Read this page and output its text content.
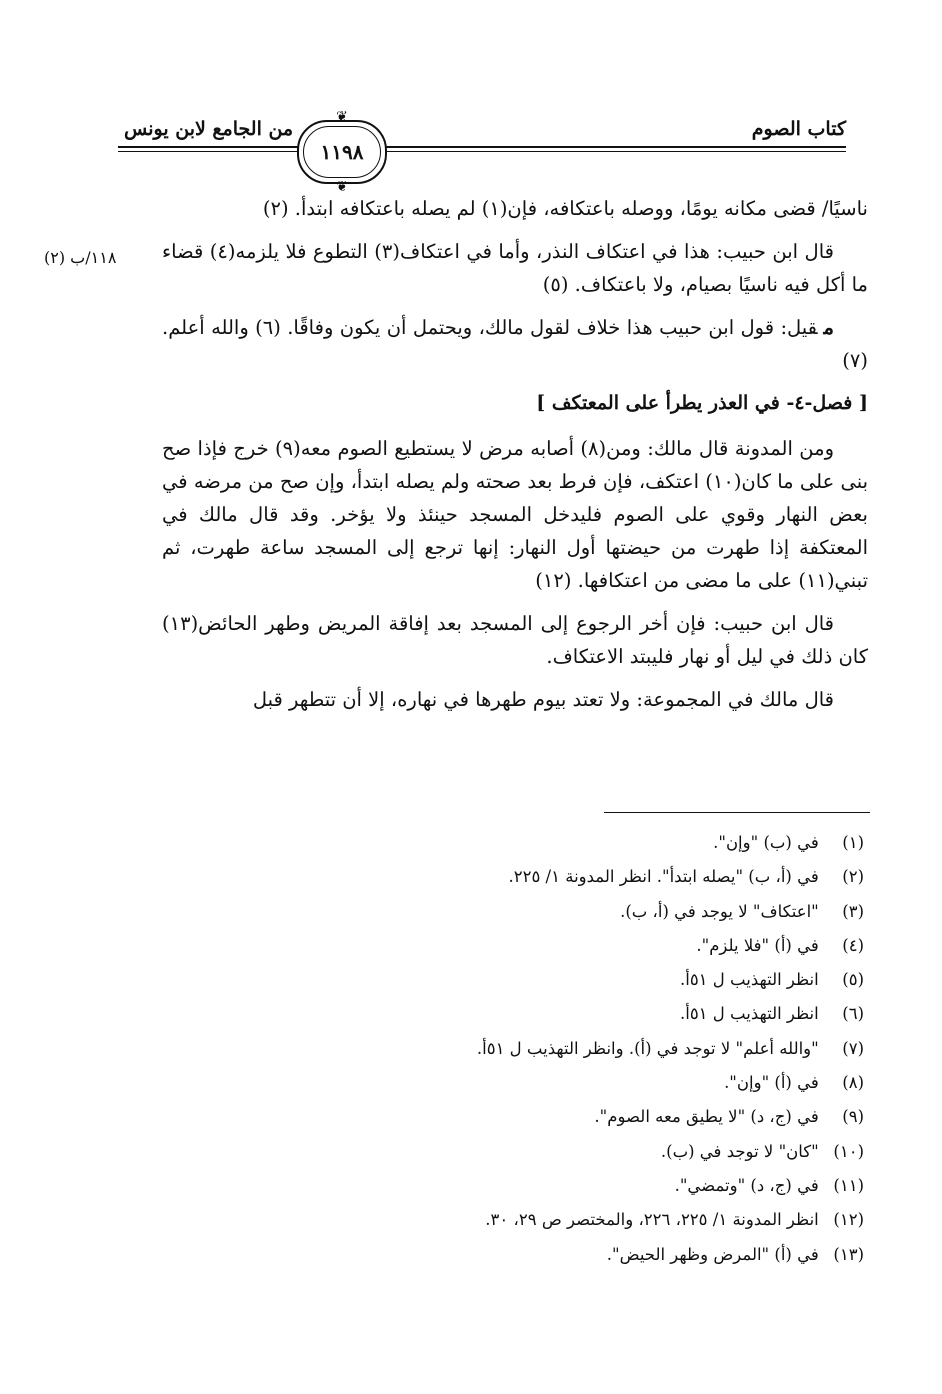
كتاب الصوم
من الجامع لابن يونس
❦
١١٩٨
❦
١١٨/ب (٢)

ناسيًا/ قضى مكانه يومًا، ووصله باعتكافه، فإن(١) لم يصله باعتكافه ابتدأ. (٢)

قال ابن حبيب: هذا في اعتكاف النذر، وأما في اعتكاف(٣) التطوع فلا يلزمه(٤) قضاء ما أكل فيه ناسيًا بصيام، ولا باعتكاف. (٥)

مقيل: قول ابن حبيب هذا خلاف لقول مالك، ويحتمل أن يكون وفاقًا. (٦) والله أعلم. (٧)

[ فصل-٤- في العذر يطرأ على المعتكف ]

ومن المدونة قال مالك: ومن(٨) أصابه مرض لا يستطيع الصوم معه(٩) خرج فإذا صح بنى على ما كان(١٠) اعتكف، فإن فرط بعد صحته ولم يصله ابتدأ، وإن صح من مرضه في بعض النهار وقوي على الصوم فليدخل المسجد حينئذ ولا يؤخر. وقد قال مالك في المعتكفة إذا طهرت من حيضتها أول النهار: إنها ترجع إلى المسجد ساعة طهرت، ثم تبني(١١) على ما مضى من اعتكافها. (١٢)

قال ابن حبيب: فإن أخر الرجوع إلى المسجد بعد إفاقة المريض وطهر الحائض(١٣) كان ذلك في ليل أو نهار فليبتد الاعتكاف.

قال مالك في المجموعة: ولا تعتد بيوم طهرها في نهاره، إلا أن تتطهر قبل

(١) في (ب) "وإن".
(٢) في (أ، ب) "يصله ابتدأ". انظر المدونة ١/ ٢٢٥.
(٣) "اعتكاف" لا يوجد في (أ، ب).
(٤) في (أ) "فلا يلزم".
(٥) انظر التهذيب ل ٥١أ.
(٦) انظر التهذيب ل ٥١أ.
(٧) "والله أعلم" لا توجد في (أ). وانظر التهذيب ل ٥١أ.
(٨) في (أ) "وإن".
(٩) في (ج، د) "لا يطيق معه الصوم".
(١٠) "كان" لا توجد في (ب).
(١١) في (ج، د) "وتمضي".
(١٢) انظر المدونة ١/ ٢٢٥، ٢٢٦، والمختصر ص ٢٩، ٣٠.
(١٣) في (أ) "المرض وظهر الحيض".
